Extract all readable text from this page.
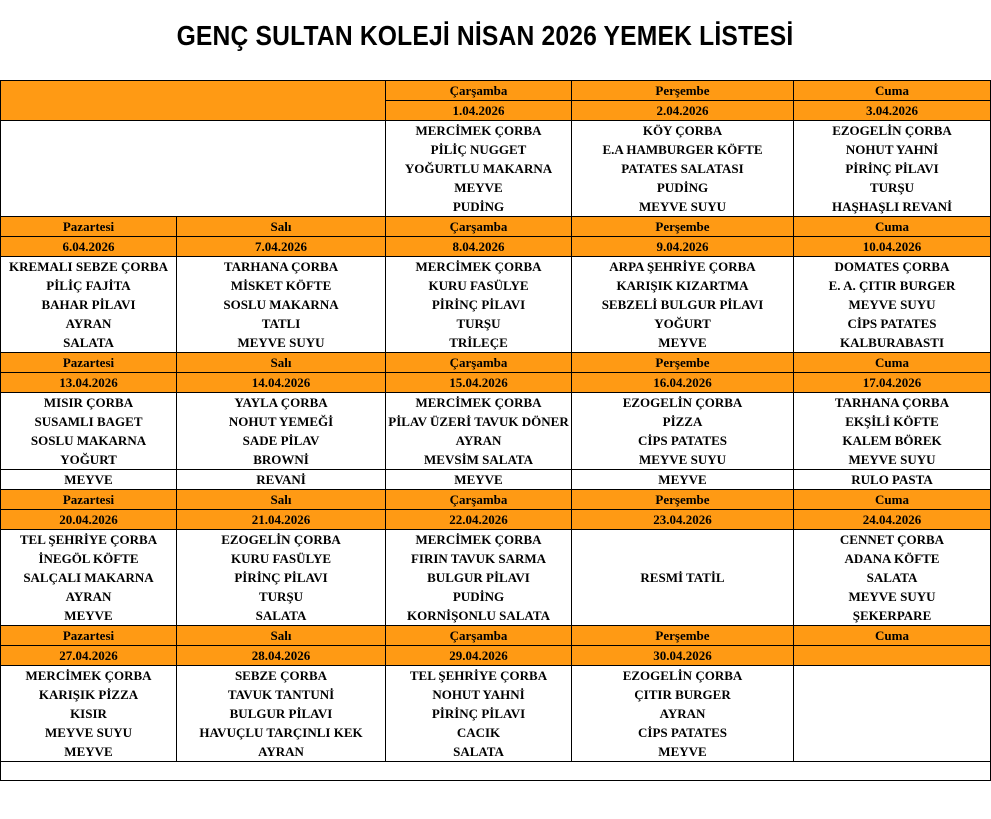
GENÇ SULTAN KOLEJİ NİSAN 2026 YEMEK LİSTESİ
		Çarşamba	Perşembe	Cuma
		1.04.2026	2.04.2026	3.04.2026
		MERCİMEK ÇORBA	KÖY ÇORBA	EZOGELİN ÇORBA
		PİLİÇ NUGGET	E.A HAMBURGER KÖFTE	NOHUT YAHNİ
		YOĞURTLU MAKARNA	PATATES SALATASI	PİRİNÇ PİLAVI
		MEYVE	PUDİNG	TURŞU
		PUDİNG	MEYVE SUYU	HAŞHAŞLI REVANİ
Pazartesi	Salı	Çarşamba	Perşembe	Cuma
6.04.2026	7.04.2026	8.04.2026	9.04.2026	10.04.2026
KREMALI SEBZE ÇORBA	TARHANA ÇORBA	MERCİMEK ÇORBA	ARPA ŞEHRİYE ÇORBA	DOMATES ÇORBA
PİLİÇ FAJİTA	MİSKET KÖFTE	KURU FASÜLYE	KARIŞIK KIZARTMA	E. A. ÇITIR BURGER
BAHAR PİLAVI	SOSLU MAKARNA	PİRİNÇ PİLAVI	SEBZELİ BULGUR PİLAVI	MEYVE SUYU
AYRAN	TATLI	TURŞU	YOĞURT	CİPS PATATES
SALATA	MEYVE SUYU	TRİLEÇE	MEYVE	KALBURABASTI
Pazartesi	Salı	Çarşamba	Perşembe	Cuma
13.04.2026	14.04.2026	15.04.2026	16.04.2026	17.04.2026
MISIR ÇORBA	YAYLA ÇORBA	MERCİMEK ÇORBA	EZOGELİN ÇORBA	TARHANA ÇORBA
SUSAMLI BAGET	NOHUT YEMEĞİ	PİLAV ÜZERİ TAVUK DÖNER	PİZZA	EKŞİLİ KÖFTE
SOSLU MAKARNA	SADE PİLAV	AYRAN	CİPS PATATES	KALEM BÖREK
YOĞURT	BROWNİ	MEVSİM SALATA	MEYVE SUYU	MEYVE SUYU
MEYVE	REVANİ	MEYVE	MEYVE	RULO PASTA
Pazartesi	Salı	Çarşamba	Perşembe	Cuma
20.04.2026	21.04.2026	22.04.2026	23.04.2026	24.04.2026
TEL ŞEHRİYE ÇORBA	EZOGELİN ÇORBA	MERCİMEK ÇORBA	RESMİ TATİL	CENNET ÇORBA
İNEGÖL KÖFTE	KURU FASÜLYE	FIRIN TAVUK SARMA		ADANA KÖFTE
SALÇALI MAKARNA	PİRİNÇ PİLAVI	BULGUR PİLAVI		SALATA
AYRAN	TURŞU	PUDİNG		MEYVE SUYU
MEYVE	SALATA	KORNİŞONLU SALATA		ŞEKERPARE
Pazartesi	Salı	Çarşamba	Perşembe	Cuma
27.04.2026	28.04.2026	29.04.2026	30.04.2026	
MERCİMEK ÇORBA	SEBZE ÇORBA	TEL ŞEHRİYE ÇORBA	EZOGELİN ÇORBA	
KARIŞIK PİZZA	TAVUK TANTUNİ	NOHUT YAHNİ	ÇITIR BURGER	
KISIR	BULGUR PİLAVI	PİRİNÇ PİLAVI	AYRAN	
MEYVE SUYU	HAVUÇLU TARÇINLI KEK	CACIK	CİPS PATATES	
MEYVE	AYRAN	SALATA	MEYVE	
